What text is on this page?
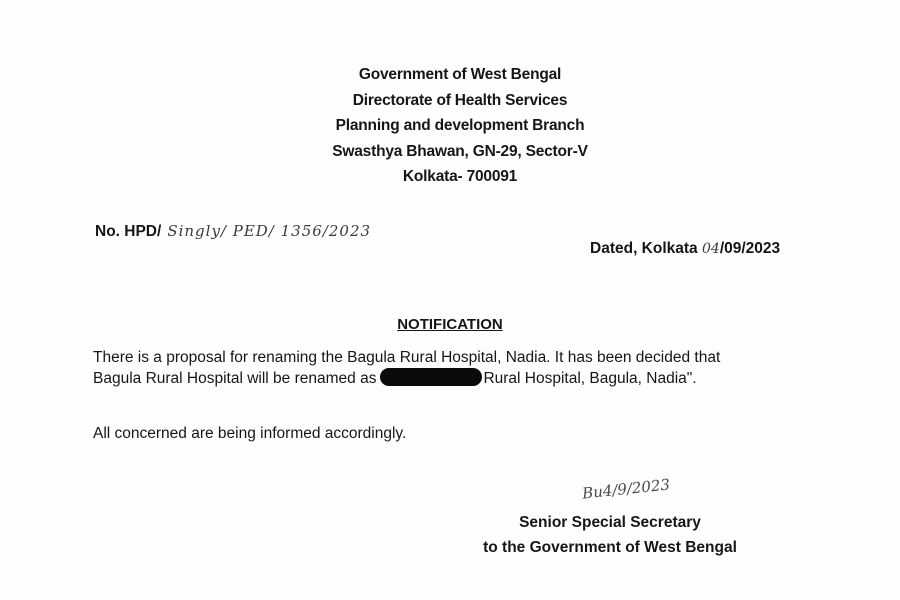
Government of West Bengal
Directorate of Health Services
Planning and development Branch
Swasthya Bhawan, GN-29, Sector-V
Kolkata- 700091
No. HPD/ Singly/ PED/ 1356/2023
Dated, Kolkata 04/09/2023
NOTIFICATION
There is a proposal for renaming the Bagula Rural Hospital, Nadia. It has been decided that
Bagula Rural Hospital will be renamed as	Rural Hospital, Bagula, Nadia".
All concerned are being informed accordingly.
Bu4/9/2023
Senior Special Secretary
to the Government of West Bengal
